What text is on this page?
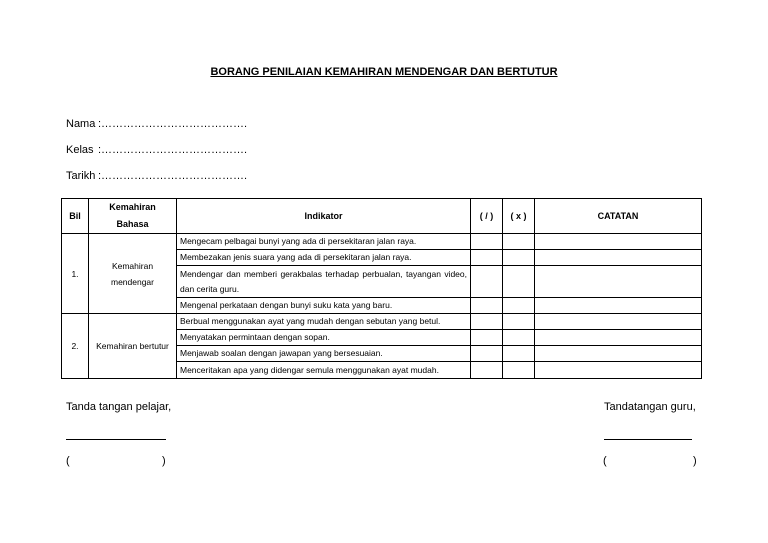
BORANG PENILAIAN KEMAHIRAN MENDENGAR DAN BERTUTUR
Nama :………………………………….
Kelas :………………………………….
Tarikh :………………………………….
Bil	Kemahiran Bahasa	Indikator	( / )	( x )	CATATAN
1.	Kemahiran mendengar	Mengecam pelbagai bunyi yang ada di persekitaran jalan raya.			
		Membezakan jenis suara yang ada di persekitaran jalan raya.			
		Mendengar dan memberi gerakbalas terhadap perbualan, tayangan video, dan cerita guru.			
		Mengenal perkataan dengan bunyi suku kata yang baru.			
2.	Kemahiran bertutur	Berbual menggunakan ayat yang mudah dengan sebutan yang betul.			
		Menyatakan permintaan dengan sopan.			
		Menjawab soalan dengan jawapan yang bersesuaian.			
		Menceritakan apa yang didengar semula menggunakan ayat mudah.			
Tanda tangan pelajar,
(	)
Tandatangan guru,
(	)
